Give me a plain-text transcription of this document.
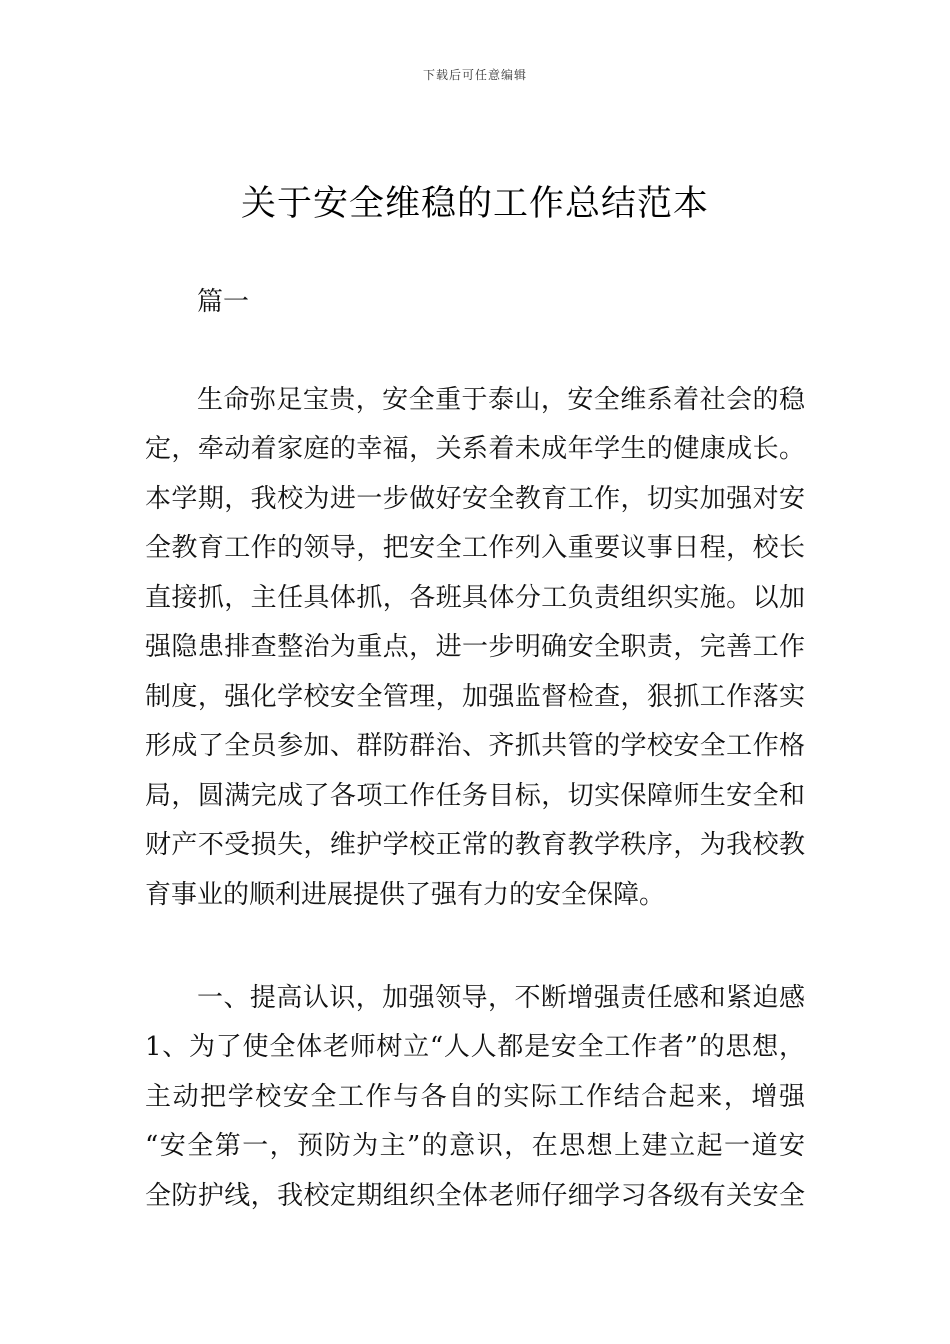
下载后可任意编辑
关于安全维稳的工作总结范本
篇一
生命弥足宝贵，安全重于泰山，安全维系着社会的稳
定，牵动着家庭的幸福，关系着未成年学生的健康成长。
本学期，我校为进一步做好安全教育工作，切实加强对安
全教育工作的领导，把安全工作列入重要议事日程，校长
直接抓，主任具体抓，各班具体分工负责组织实施。以加
强隐患排查整治为重点，进一步明确安全职责，完善工作
制度，强化学校安全管理，加强监督检查，狠抓工作落实
形成了全员参加、群防群治、齐抓共管的学校安全工作格
局，圆满完成了各项工作任务目标，切实保障师生安全和
财产不受损失，维护学校正常的教育教学秩序，为我校教
育事业的顺利进展提供了强有力的安全保障。
一、提高认识，加强领导，不断增强责任感和紧迫感
1、为了使全体老师树立“人人都是安全工作者”的思想，
主动把学校安全工作与各自的实际工作结合起来，增强
“安全第一，预防为主”的意识，在思想上建立起一道安
全防护线，我校定期组织全体老师仔细学习各级有关安全
